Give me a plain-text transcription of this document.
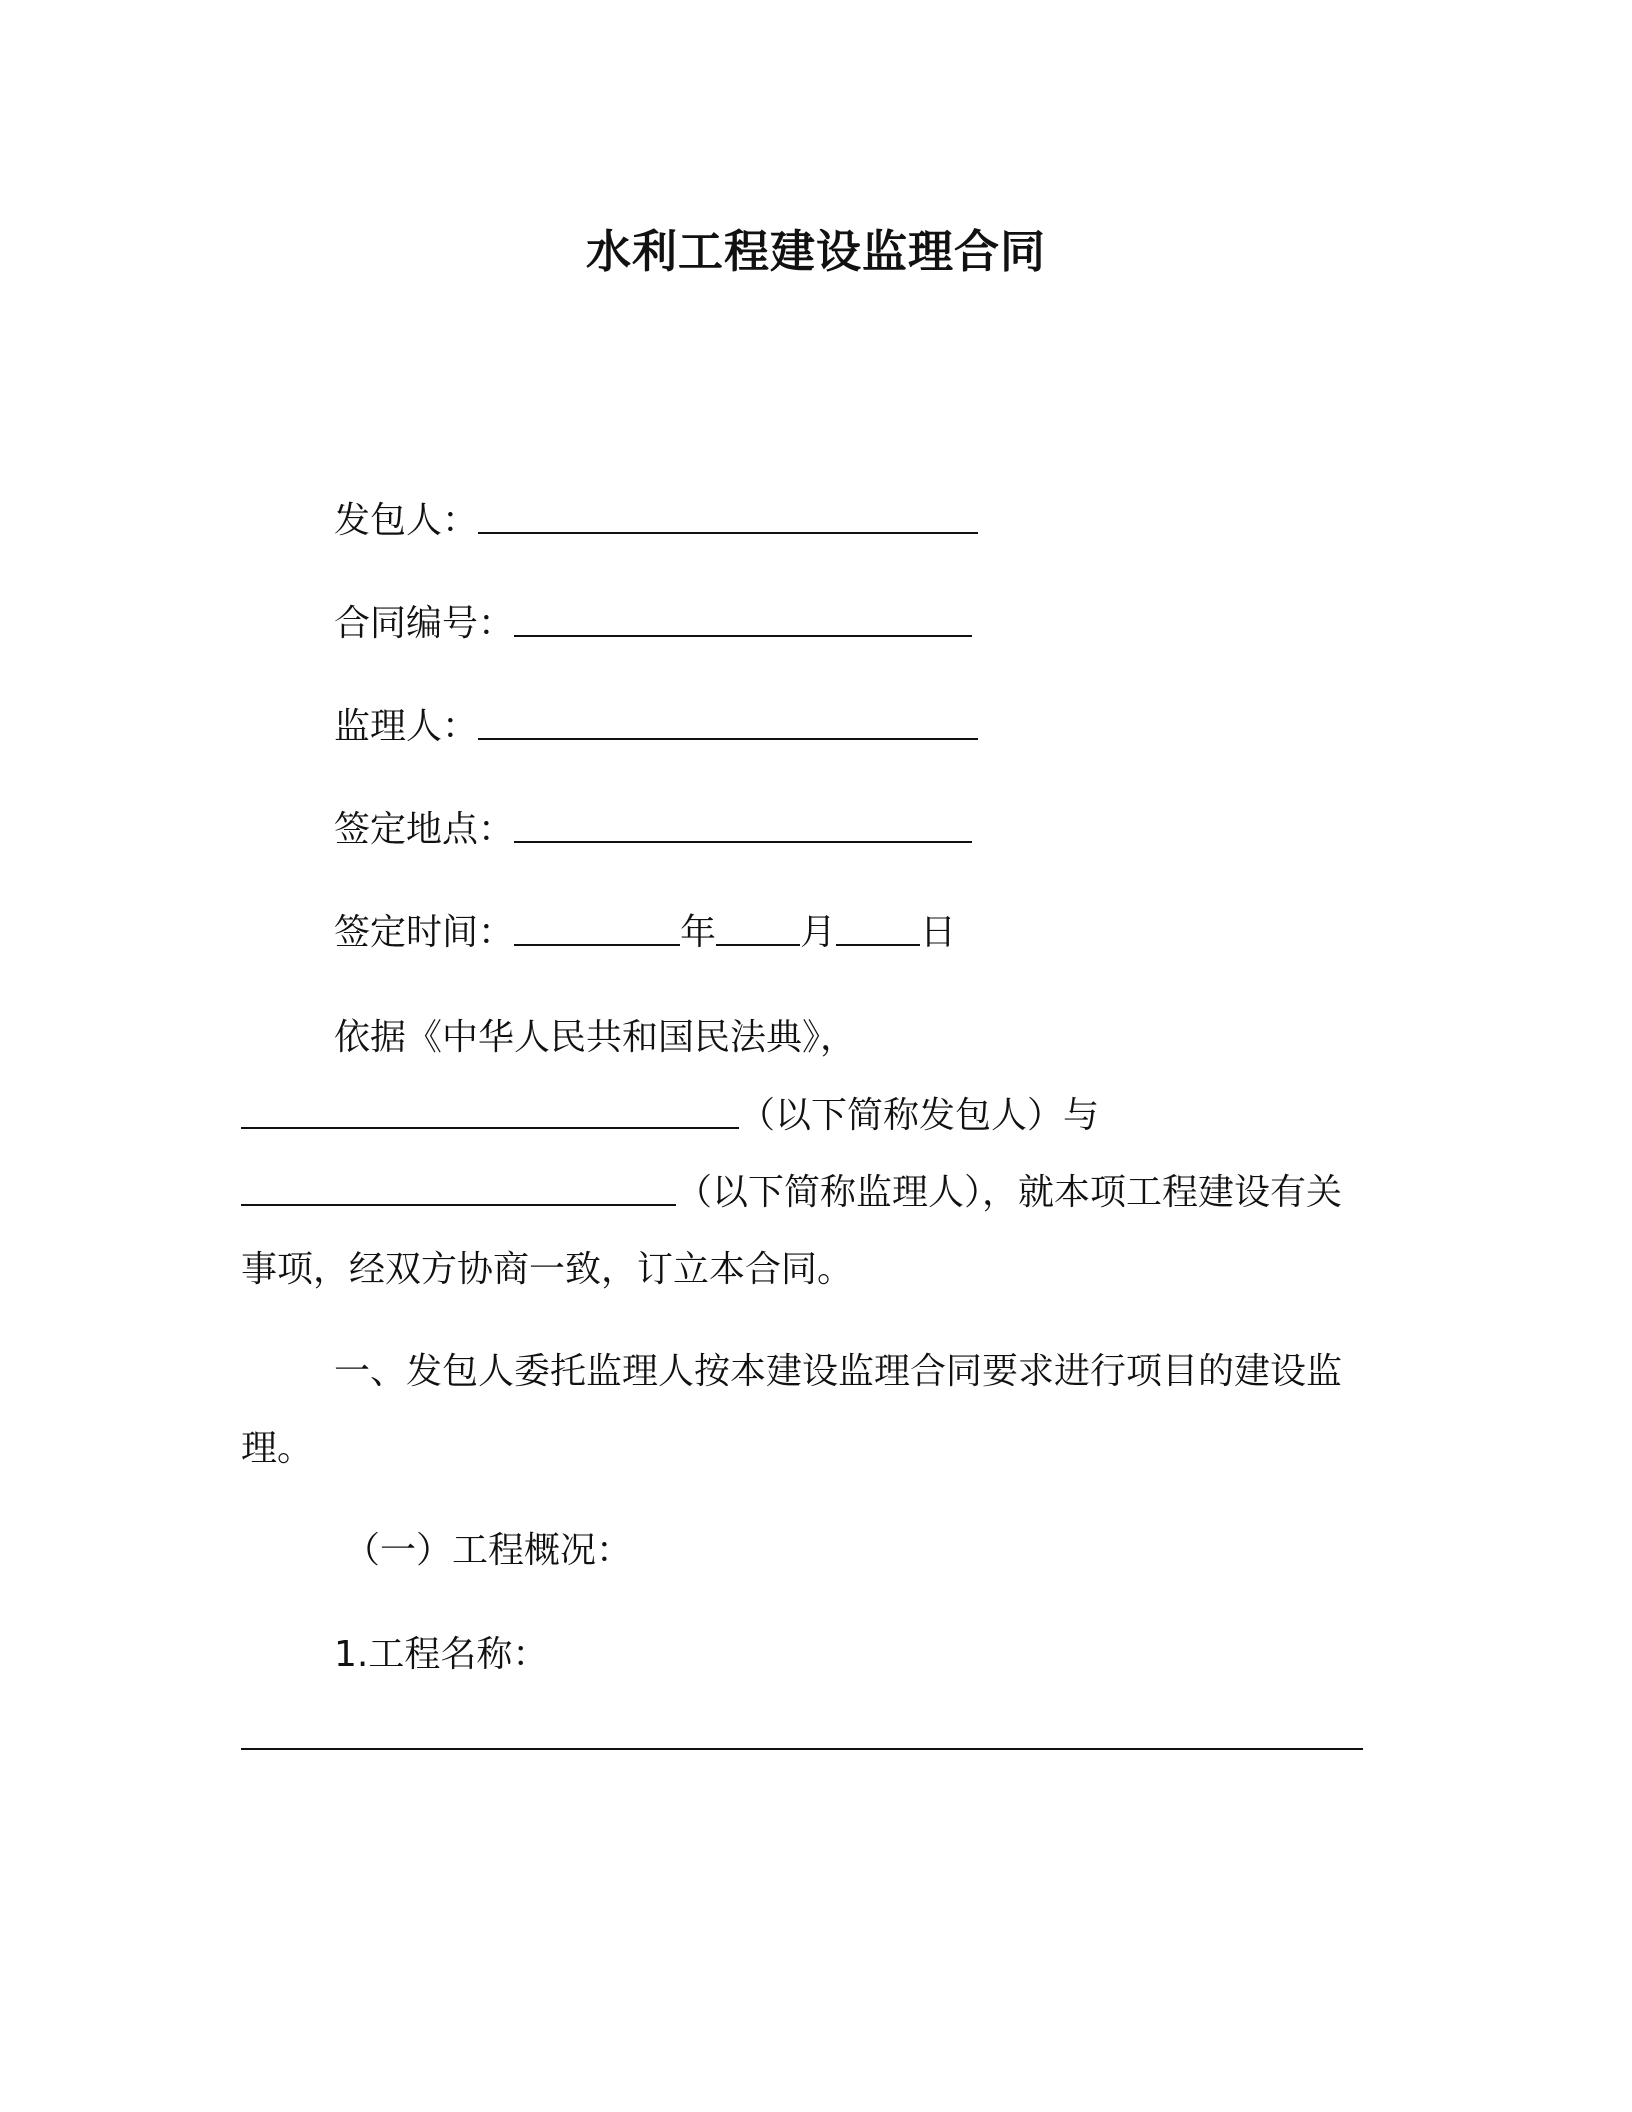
水利工程建设监理合同
发包人：
合同编号：
监理人：
签定地点：
签定时间：	年 月 日
依据《中华人民共和国民法典》，
（以下简称发包人）与
（以下简称监理人），就本项工程建设有关
事项，经双方协商一致，订立本合同。
一、发包人委托监理人按本建设监理合同要求进行项目的建设监
理。
（一）工程概况：
1.工程名称：
